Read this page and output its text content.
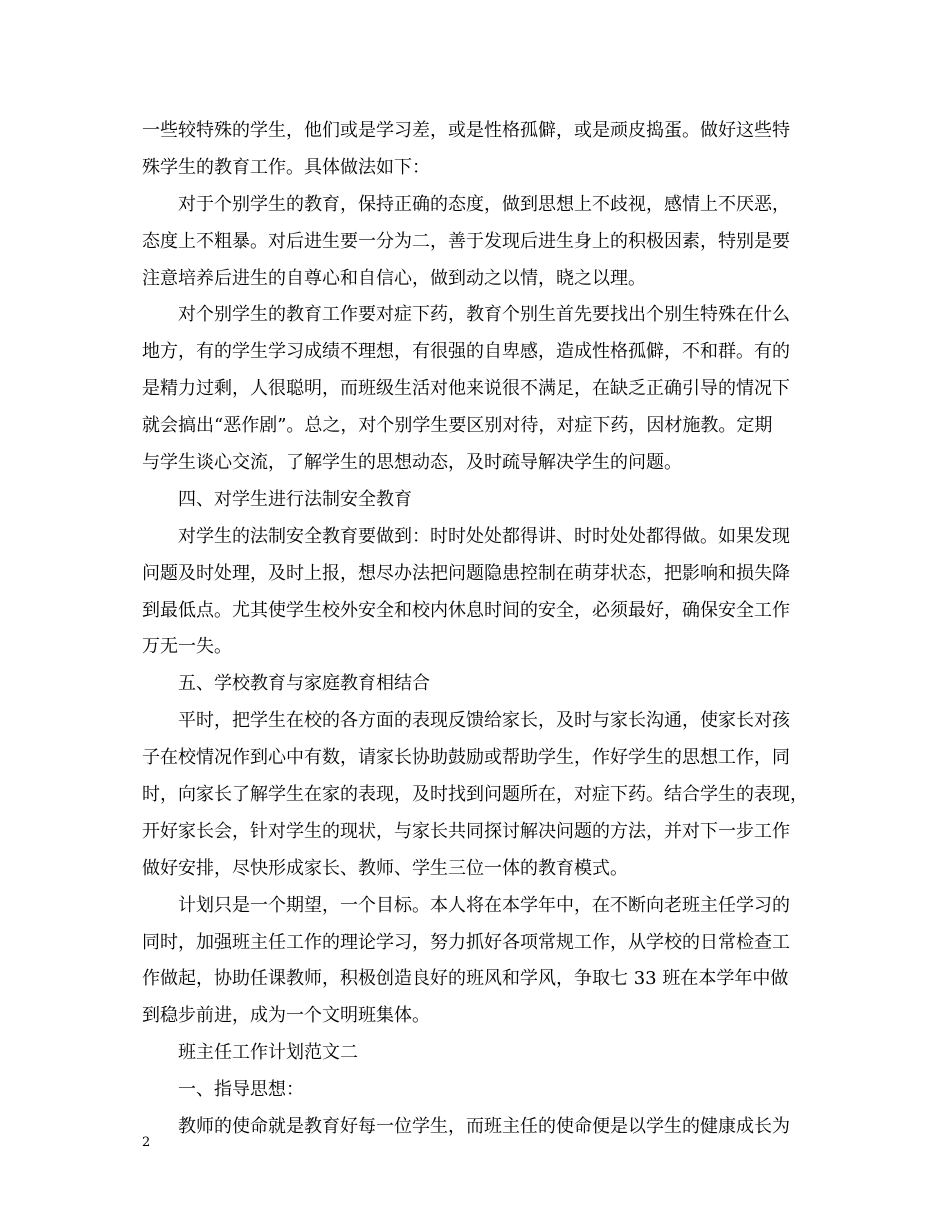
一些较特殊的学生，他们或是学习差，或是性格孤僻，或是顽皮捣蛋。做好这些特
殊学生的教育工作。具体做法如下：
对于个别学生的教育，保持正确的态度，做到思想上不歧视，感情上不厌恶，
态度上不粗暴。对后进生要一分为二，善于发现后进生身上的积极因素，特别是要
注意培养后进生的自尊心和自信心，做到动之以情，晓之以理。
对个别学生的教育工作要对症下药，教育个别生首先要找出个别生特殊在什么
地方，有的学生学习成绩不理想，有很强的自卑感，造成性格孤僻，不和群。有的
是精力过剩，人很聪明，而班级生活对他来说很不满足，在缺乏正确引导的情况下
就会搞出“恶作剧”。总之，对个别学生要区别对待，对症下药，因材施教。定期
与学生谈心交流，了解学生的思想动态，及时疏导解决学生的问题。
四、对学生进行法制安全教育
对学生的法制安全教育要做到：时时处处都得讲、时时处处都得做。如果发现
问题及时处理，及时上报，想尽办法把问题隐患控制在萌芽状态，把影响和损失降
到最低点。尤其使学生校外安全和校内休息时间的安全，必须最好，确保安全工作
万无一失。
五、学校教育与家庭教育相结合
平时，把学生在校的各方面的表现反馈给家长，及时与家长沟通，使家长对孩
子在校情况作到心中有数，请家长协助鼓励或帮助学生，作好学生的思想工作，同
时，向家长了解学生在家的表现，及时找到问题所在，对症下药。结合学生的表现，
开好家长会，针对学生的现状，与家长共同探讨解决问题的方法，并对下一步工作
做好安排，尽快形成家长、教师、学生三位一体的教育模式。
计划只是一个期望，一个目标。本人将在本学年中，在不断向老班主任学习的
同时，加强班主任工作的理论学习，努力抓好各项常规工作，从学校的日常检查工
作做起，协助任课教师，积极创造良好的班风和学风，争取七 33 班在本学年中做
到稳步前进，成为一个文明班集体。
班主任工作计划范文二
一、指导思想：
教师的使命就是教育好每一位学生，而班主任的使命便是以学生的健康成长为
2
